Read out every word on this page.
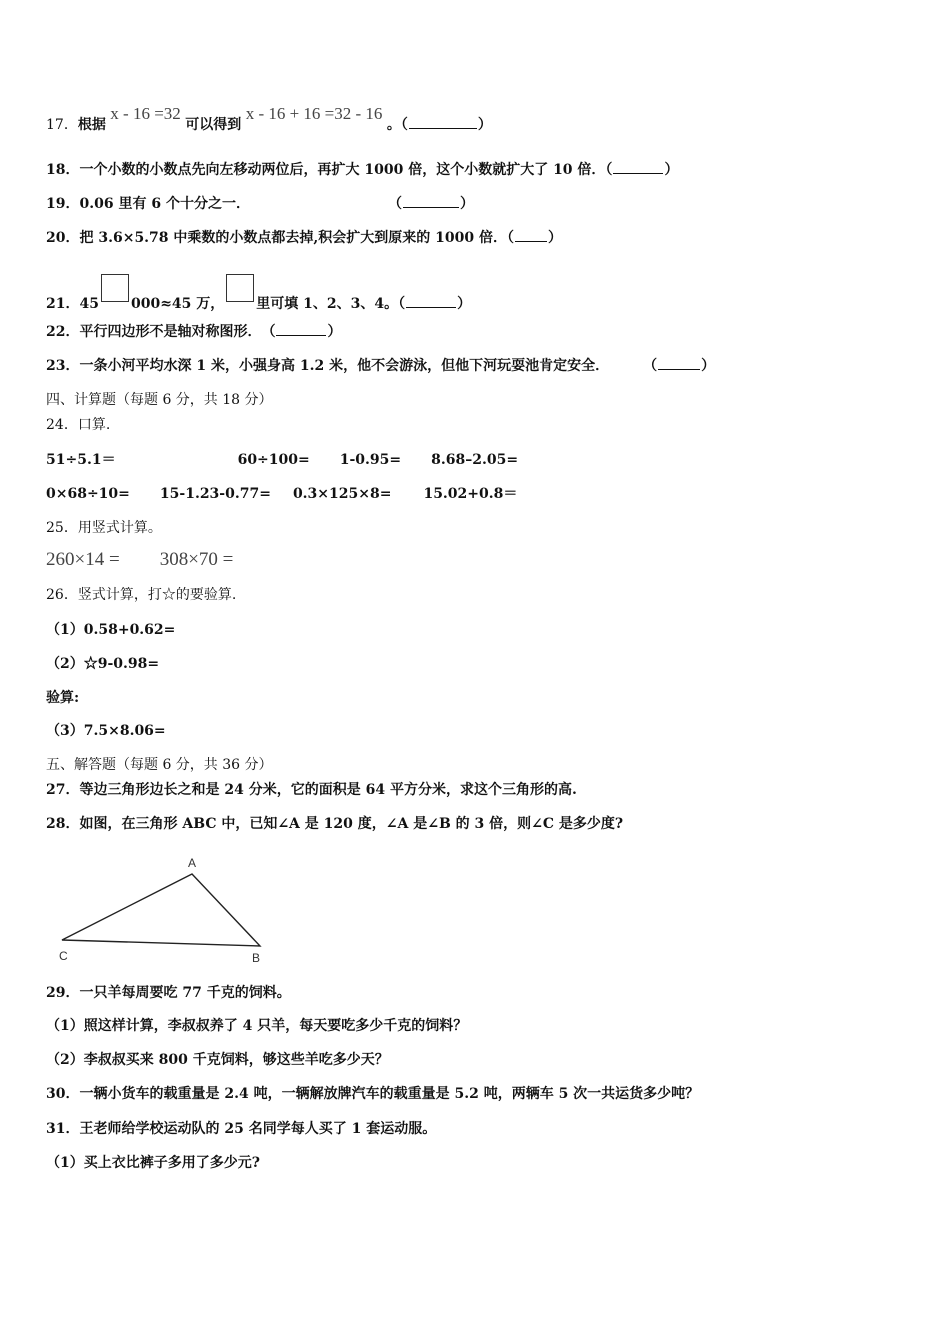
17．根据 x - 16 =32 可以得到 x - 16 + 16 =32 - 16 。（	）
18．一个小数的小数点先向左移动两位后，再扩大 1000 倍，这个小数就扩大了 10 倍．（	）
19．0.06 里有 6 个十分之一．	（	）
20．把 3.6×5.78 中乘数的小数点都去掉,积会扩大到原来的 1000 倍．（ ）
21．45 000≈45 万， 里可填 1、2、3、4。（	）
22．平行四边形不是轴对称图形．　（	）
23．一条小河平均水深 1 米，小强身高 1.2 米，他不会游泳，但他下河玩耍池肯定安全． （	）
四、计算题（每题 6 分，共 18 分）
24．口算.
51÷5.1＝	60÷100= 1-0.95= 8.68–2.05=
0×68÷10= 15-1.23-0.77= 0.3×125×8= 15.02+0.8＝
25．用竖式计算。
260×14 = 308×70 =
26．竖式计算，打☆的要验算.
（1）0.58+0.62=
（2）☆9-0.98=
验算:
（3）7.5×8.06=
五、解答题（每题 6 分，共 36 分）
27．等边三角形边长之和是 24 分米，它的面积是 64 平方分米，求这个三角形的高.
28．如图，在三角形 ABC 中，已知∠A 是 120 度，∠A 是∠B 的 3 倍，则∠C 是多少度?
A
C	B
29．一只羊每周要吃 77 千克的饲料。
（1）照这样计算，李叔叔养了 4 只羊，每天要吃多少千克的饲料？
（2）李叔叔买来 800 千克饲料，够这些羊吃多少天？
30．一辆小货车的载重量是 2.4 吨，一辆解放牌汽车的载重量是 5.2 吨，两辆车 5 次一共运货多少吨？
31．王老师给学校运动队的 25 名同学每人买了 1 套运动服。
（1）买上衣比裤子多用了多少元?
